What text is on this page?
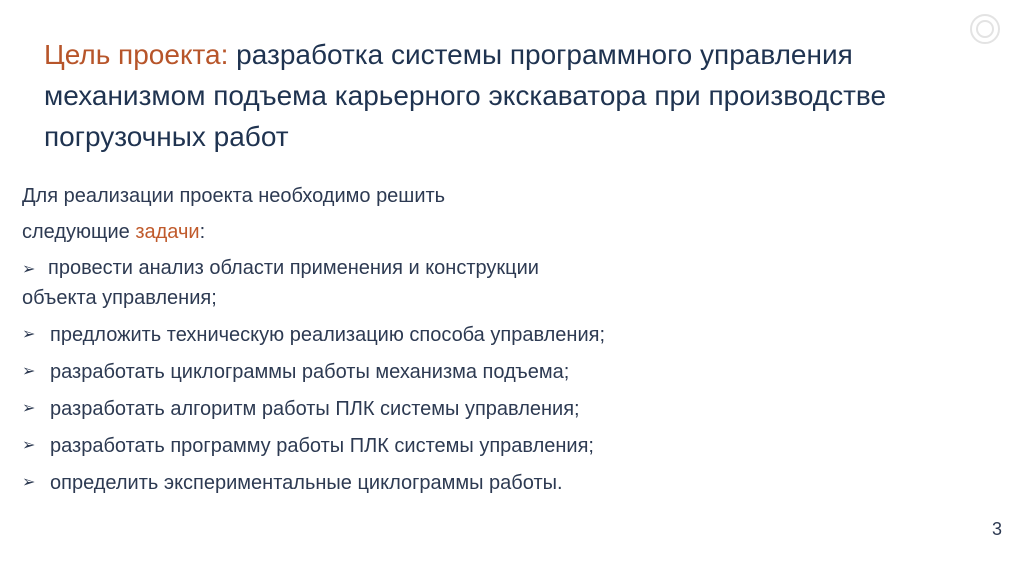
Цель проекта: разработка системы программного управления механизмом подъема карьерного экскаватора при производстве погрузочных работ
Для реализации проекта необходимо решить
следующие задачи:
➢ провести анализ области применения и конструкции
объекта управления;
➢ предложить техническую реализацию способа управления;
➢ разработать циклограммы работы механизма подъема;
➢ разработать алгоритм работы ПЛК системы управления;
➢ разработать программу работы ПЛК системы управления;
➢ определить экспериментальные циклограммы работы.
3
